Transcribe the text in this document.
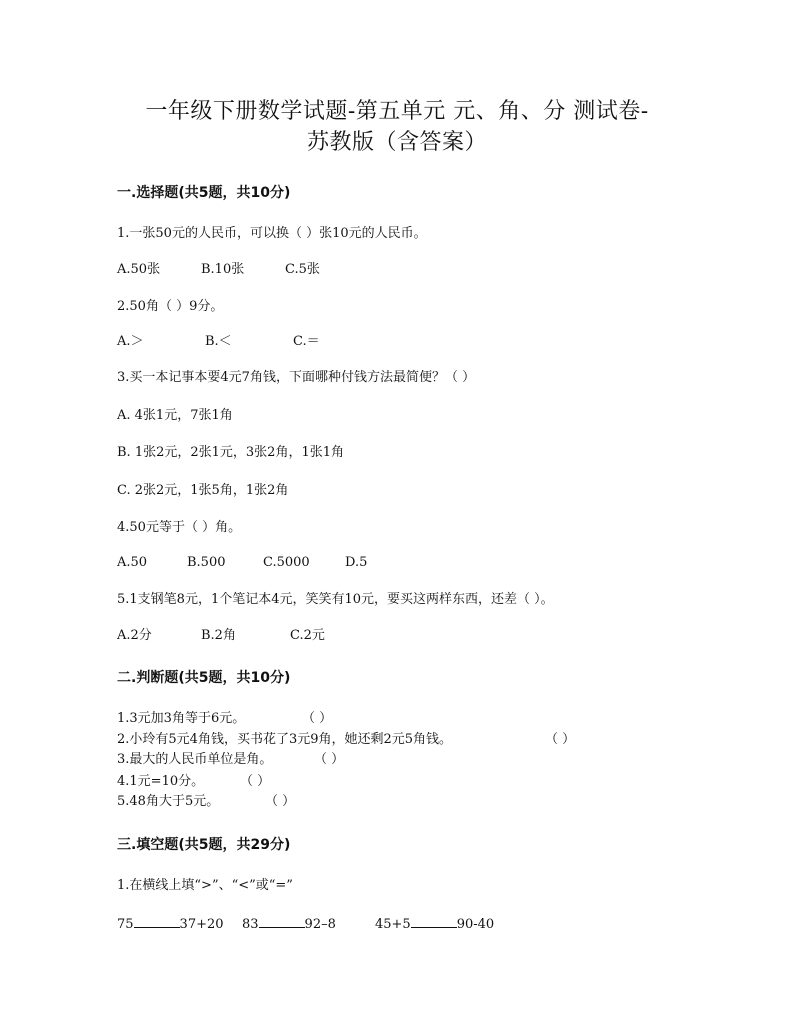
一年级下册数学试题-第五单元 元、角、分 测试卷-
苏教版（含答案）
一.选择题(共5题，共10分)
1.一张50元的人民币，可以换（ ）张10元的人民币。
A.50张	B.10张	C.5张
2.50角（ ）9分。
A.＞	B.＜	C.＝
3.买一本记事本要4元7角钱，下面哪种付钱方法最简便？（ ）
A. 4张1元，7张1角
B. 1张2元，2张1元，3张2角，1张1角
C. 2张2元，1张5角，1张2角
4.50元等于（ ）角。
A.50	B.500	C.5000	D.5
5.1支钢笔8元，1个笔记本4元，笑笑有10元，要买这两样东西，还差（ ）。
A.2分	B.2角	C.2元
二.判断题(共5题，共10分)
1.3元加3角等于6元。	（ ）
2.小玲有5元4角钱，买书花了3元9角，她还剩2元5角钱。	（ ）
3.最大的人民币单位是角。	（ ）
4.1元=10分。	（ ）
5.48角大于5元。	（ ）
三.填空题(共5题，共29分)
1.在横线上填“>”、“<”或“=”
75	37+20 83	92–8	45+5	90-40
